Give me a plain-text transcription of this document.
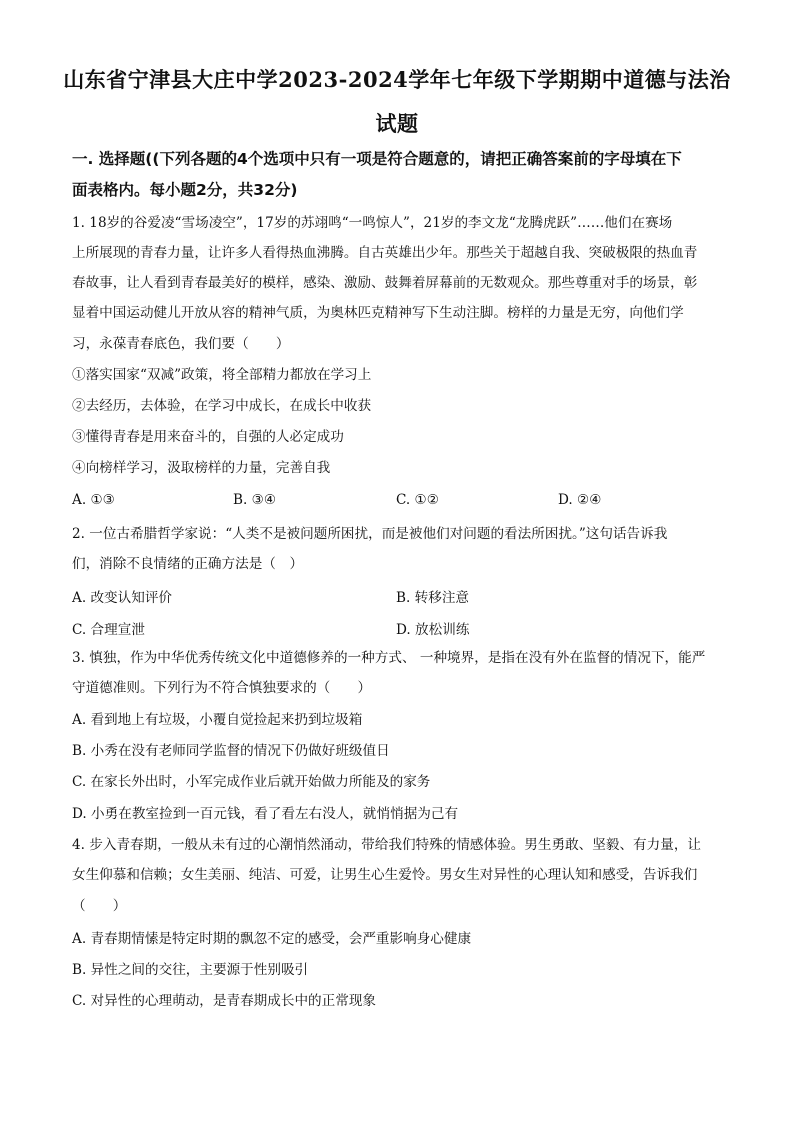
山东省宁津县大庄中学2023-2024学年七年级下学期期中道德与法治
试题
一. 选择题((下列各题的4个选项中只有一项是符合题意的，请把正确答案前的字母填在下
面表格内。每小题2分，共32分)
1. 18岁的谷爱凌“雪场凌空”，17岁的苏翊鸣“一鸣惊人”，21岁的李文龙“龙腾虎跃”……他们在赛场
上所展现的青春力量，让许多人看得热血沸腾。自古英雄出少年。那些关于超越自我、突破极限的热血青
春故事，让人看到青春最美好的模样，感染、激励、鼓舞着屏幕前的无数观众。那些尊重对手的场景，彰
显着中国运动健儿开放从容的精神气质，为奥林匹克精神写下生动注脚。榜样的力量是无穷，向他们学
习，永葆青春底色，我们要（　　）
①落实国家“双减”政策，将全部精力都放在学习上
②去经历，去体验，在学习中成长，在成长中收获
③懂得青春是用来奋斗的，自强的人必定成功
④向榜样学习，汲取榜样的力量，完善自我
A. ①③	B. ③④	C. ①②	D. ②④
2. 一位古希腊哲学家说：“人类不是被问题所困扰，而是被他们对问题的看法所困扰。”这句话告诉我
们，消除不良情绪的正确方法是（　）
A. 改变认知评价	B. 转移注意
C. 合理宣泄	D. 放松训练
3. 慎独，作为中华优秀传统文化中道德修养的一种方式、 一种境界，是指在没有外在监督的情况下，能严
守道德准则。下列行为不符合慎独要求的（　　）
A. 看到地上有垃圾，小覆自觉捡起来扔到垃圾箱
B. 小秀在没有老师同学监督的情况下仍做好班级值日
C. 在家长外出时，小军完成作业后就开始做力所能及的家务
D. 小勇在教室捡到一百元钱，看了看左右没人，就悄悄据为己有
4. 步入青春期，一般从未有过的心潮悄然涌动，带给我们特殊的情感体验。男生勇敢、坚毅、有力量，让
女生仰慕和信赖；女生美丽、纯洁、可爱，让男生心生爱怜。男女生对异性的心理认知和感受，告诉我们
（　　）
A. 青春期情愫是特定时期的飘忽不定的感受，会严重影响身心健康
B. 异性之间的交往，主要源于性别吸引
C. 对异性的心理萌动，是青春期成长中的正常现象
